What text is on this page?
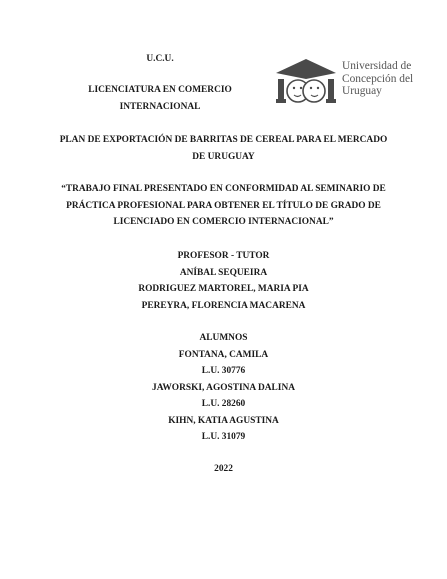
U.C.U.
LICENCIATURA EN COMERCIO
INTERNACIONAL
Universidad de
Concepción del
Uruguay
PLAN DE EXPORTACIÓN DE BARRITAS DE CEREAL PARA EL MERCADO
DE URUGUAY
“TRABAJO FINAL PRESENTADO EN CONFORMIDAD AL SEMINARIO DE
PRÁCTICA PROFESIONAL PARA OBTENER EL TÍTULO DE GRADO DE
LICENCIADO EN COMERCIO INTERNACIONAL”
PROFESOR - TUTOR
ANÍBAL SEQUEIRA
RODRIGUEZ MARTOREL, MARIA PIA
PEREYRA, FLORENCIA MACARENA
ALUMNOS
FONTANA, CAMILA
L.U. 30776
JAWORSKI, AGOSTINA DALINA
L.U. 28260
KIHN, KATIA AGUSTINA
L.U. 31079
2022
